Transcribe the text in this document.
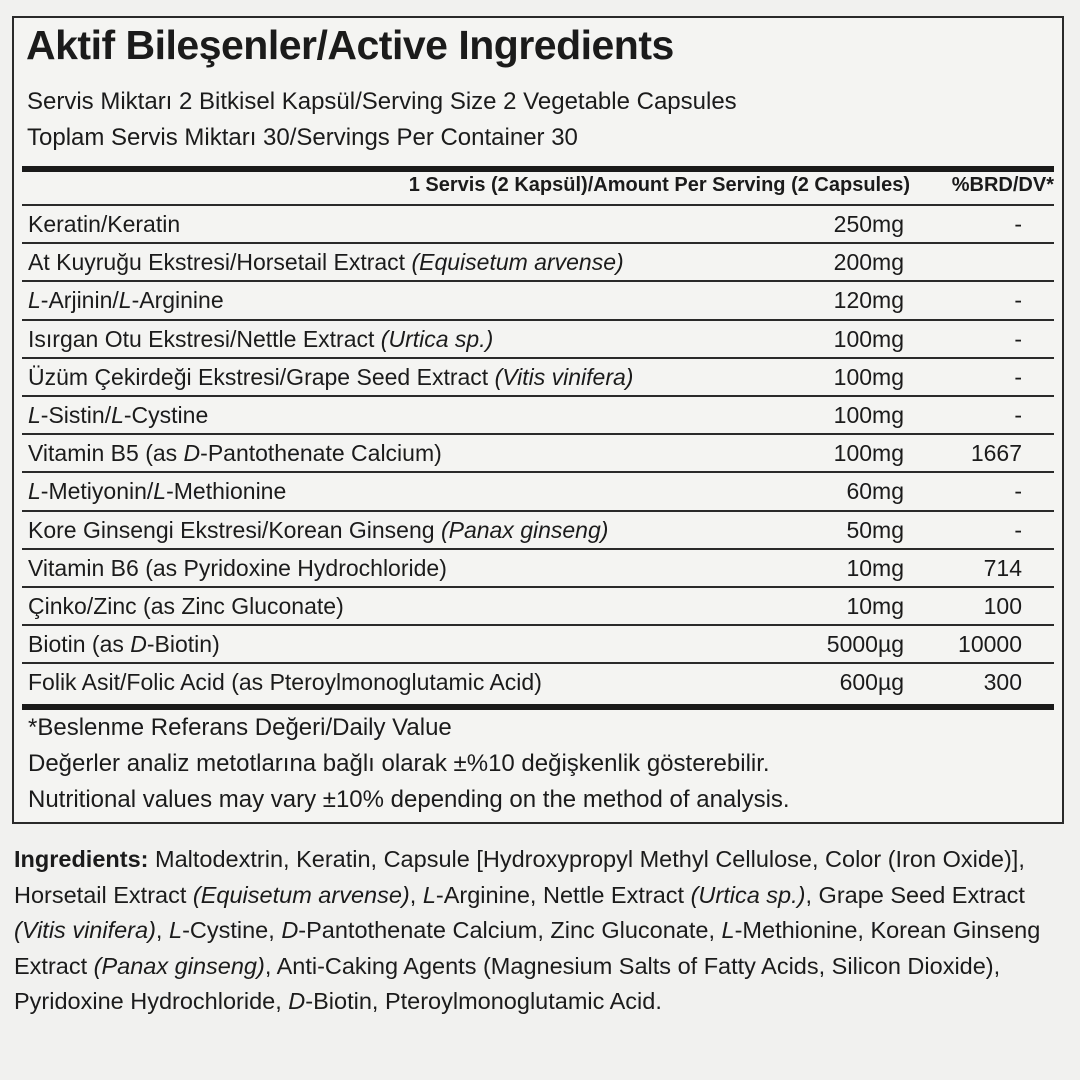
Aktif Bileşenler/Active Ingredients
Servis Miktarı 2 Bitkisel Kapsül/Serving Size 2 Vegetable Capsules
Toplam Servis Miktarı 30/Servings Per Container 30
1 Servis (2 Kapsül)/Amount Per Serving (2 Capsules) %BRD/DV*
Keratin/Keratin	250mg	-
At Kuyruğu Ekstresi/Horsetail Extract (Equisetum arvense)	200mg
L-Arjinin/L-Arginine	120mg	-
Isırgan Otu Ekstresi/Nettle Extract (Urtica sp.)	100mg	-
Üzüm Çekirdeği Ekstresi/Grape Seed Extract (Vitis vinifera)	100mg	-
L-Sistin/L-Cystine	100mg	-
Vitamin B5 (as D-Pantothenate Calcium)	100mg	1667
L-Metiyonin/L-Methionine	60mg	-
Kore Ginsengi Ekstresi/Korean Ginseng (Panax ginseng)	50mg	-
Vitamin B6 (as Pyridoxine Hydrochloride)	10mg	714
Çinko/Zinc (as Zinc Gluconate)	10mg	100
Biotin (as D-Biotin)	5000µg 10000
Folik Asit/Folic Acid (as Pteroylmonoglutamic Acid)	600µg	300
*Beslenme Referans Değeri/Daily Value
Değerler analiz metotlarına bağlı olarak ±%10 değişkenlik gösterebilir.
Nutritional values may vary ±10% depending on the method of analysis.
Ingredients: Maltodextrin, Keratin, Capsule [Hydroxypropyl Methyl Cellulose, Color (Iron Oxide)], Horsetail Extract (Equisetum arvense), L-Arginine, Nettle Extract (Urtica sp.), Grape Seed Extract (Vitis vinifera), L-Cystine, D-Pantothenate Calcium, Zinc Gluconate, L-Methionine, Korean Ginseng Extract (Panax ginseng), Anti-Caking Agents (Magnesium Salts of Fatty Acids, Silicon Dioxide), Pyridoxine Hydrochloride, D-Biotin, Pteroylmonoglutamic Acid.
